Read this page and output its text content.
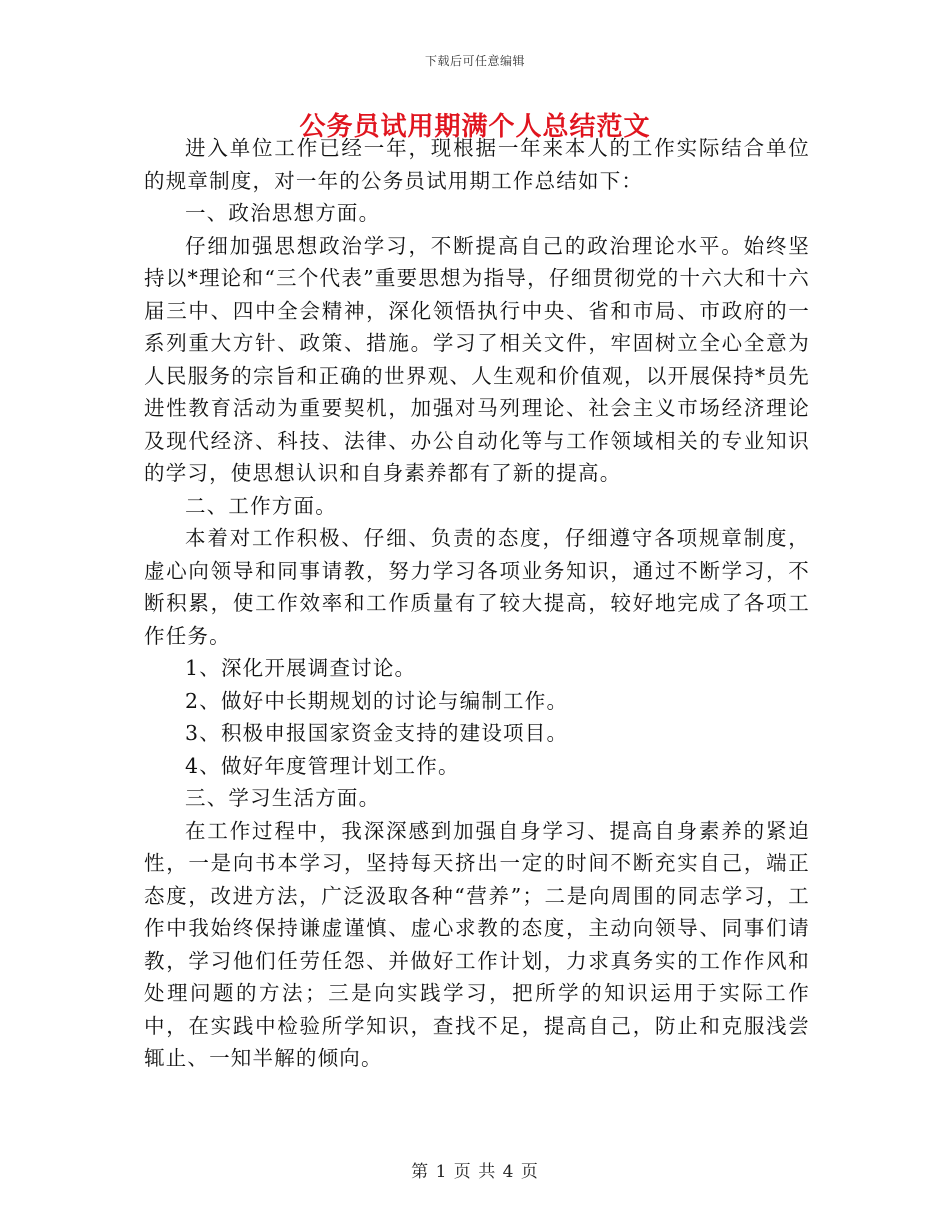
下载后可任意编辑
公务员试用期满个人总结范文

进入单位工作已经一年，现根据一年来本人的工作实际结合单位的规章制度，对一年的公务员试用期工作总结如下：

一、政治思想方面。

仔细加强思想政治学习，不断提高自己的政治理论水平。始终坚持以*理论和“三个代表”重要思想为指导，仔细贯彻党的十六大和十六届三中、四中全会精神，深化领悟执行中央、省和市局、市政府的一系列重大方针、政策、措施。学习了相关文件，牢固树立全心全意为人民服务的宗旨和正确的世界观、人生观和价值观，以开展保持*员先进性教育活动为重要契机，加强对马列理论、社会主义市场经济理论及现代经济、科技、法律、办公自动化等与工作领域相关的专业知识的学习，使思想认识和自身素养都有了新的提高。

二、工作方面。

本着对工作积极、仔细、负责的态度，仔细遵守各项规章制度，虚心向领导和同事请教，努力学习各项业务知识，通过不断学习，不断积累，使工作效率和工作质量有了较大提高，较好地完成了各项工作任务。

1、深化开展调查讨论。

2、做好中长期规划的讨论与编制工作。

3、积极申报国家资金支持的建设项目。

4、做好年度管理计划工作。

三、学习生活方面。

在工作过程中，我深深感到加强自身学习、提高自身素养的紧迫性，一是向书本学习，坚持每天挤出一定的时间不断充实自己，端正态度，改进方法，广泛汲取各种“营养”；二是向周围的同志学习，工作中我始终保持谦虚谨慎、虚心求教的态度，主动向领导、同事们请教，学习他们任劳任怨、并做好工作计划，力求真务实的工作作风和处理问题的方法；三是向实践学习，把所学的知识运用于实际工作中，在实践中检验所学知识，查找不足，提高自己，防止和克服浅尝辄止、一知半解的倾向。

第 1 页 共 4 页
